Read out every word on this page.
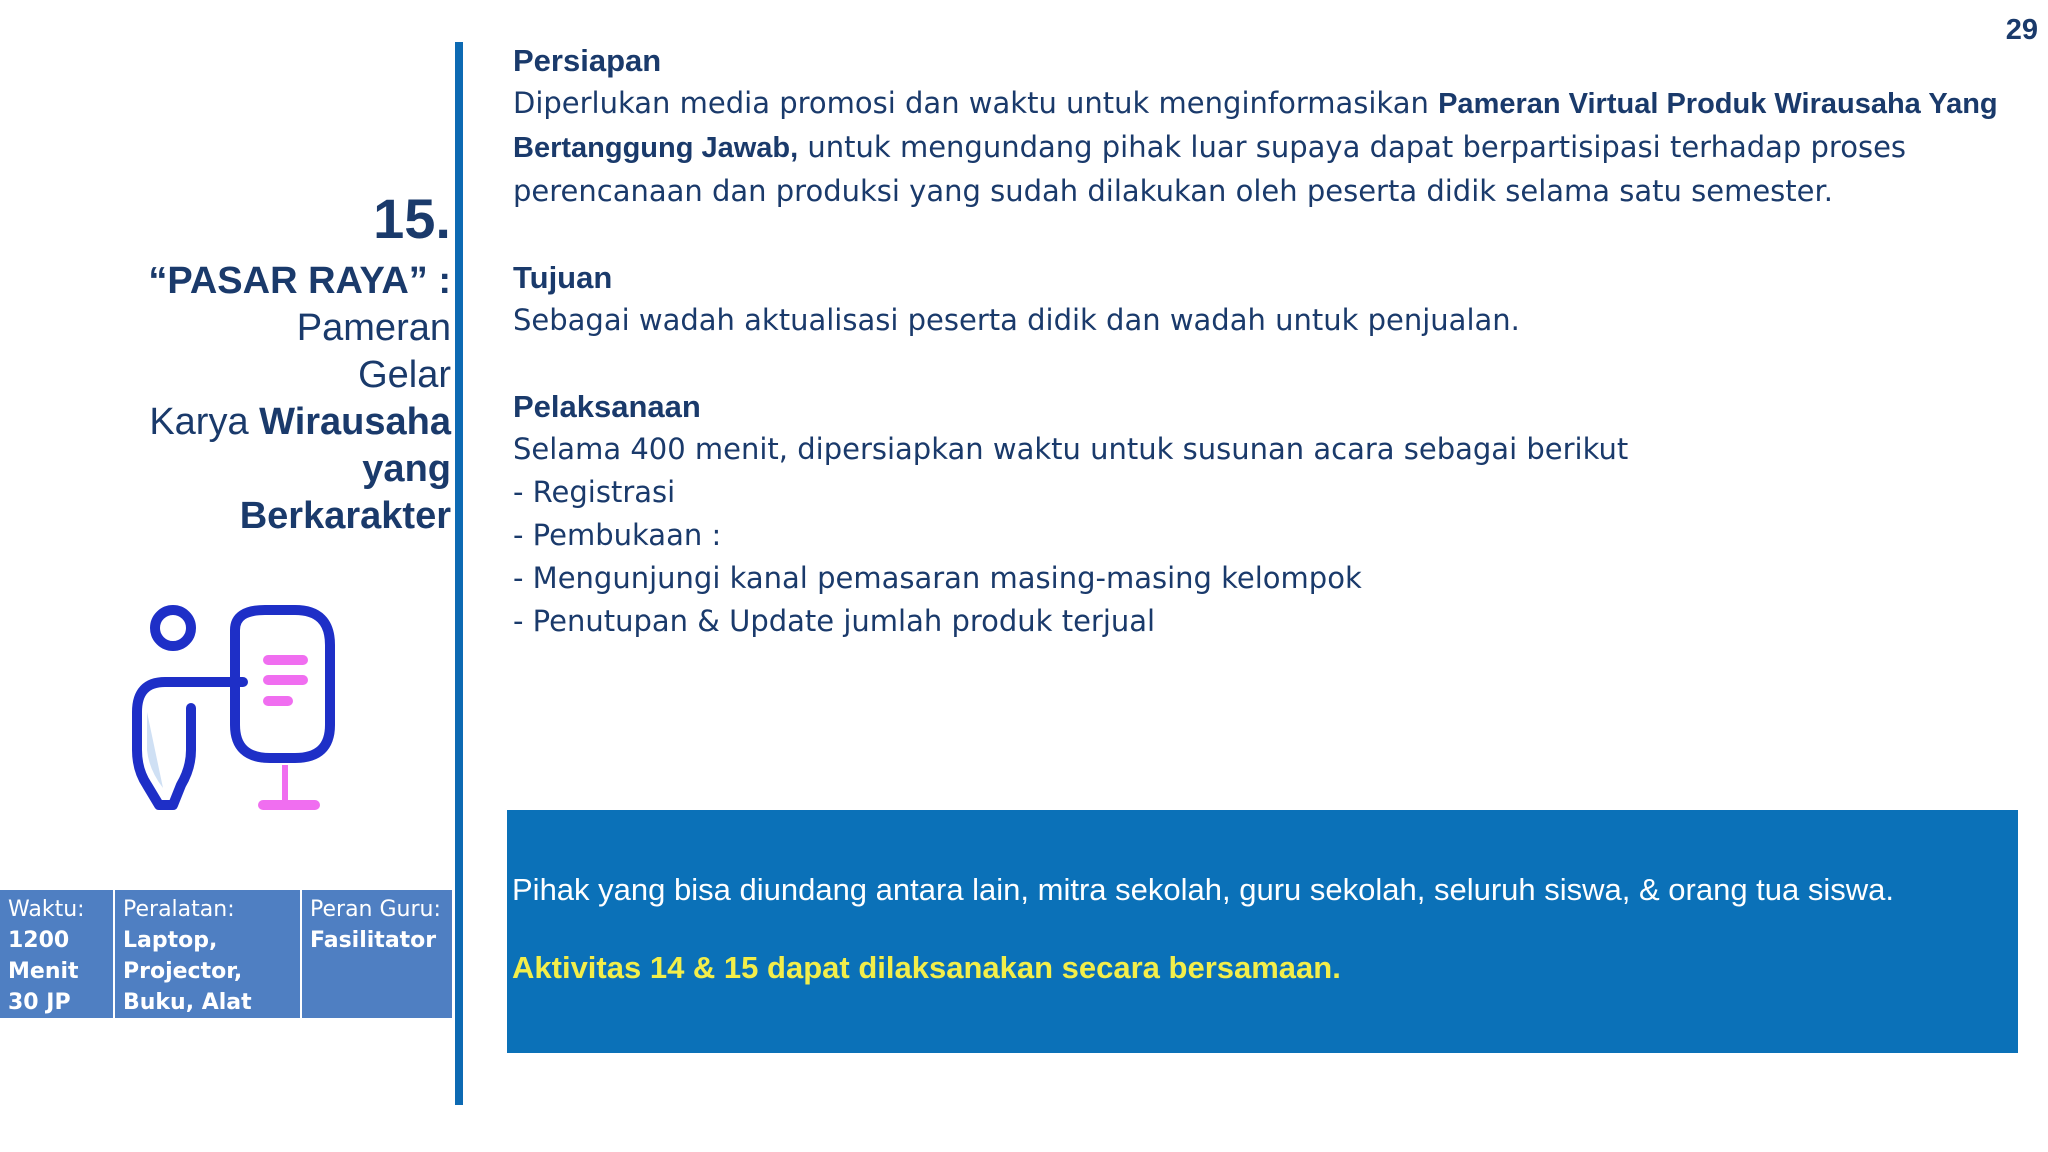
29
15.
“PASAR RAYA” :
Pameran
Gelar
Karya Wirausaha
yang
Berkarakter
Waktu:
1200
Menit
30 JP
Peralatan:
Laptop,
Projector,
Buku, Alat tulis
Peran Guru:
Fasilitator
Persiapan
Diperlukan media promosi dan waktu untuk menginformasikan Pameran Virtual Produk Wirausaha Yang Bertanggung Jawab, untuk mengundang pihak luar supaya dapat berpartisipasi terhadap proses perencanaan dan produksi yang sudah dilakukan oleh peserta didik selama satu semester.
Tujuan
Sebagai wadah aktualisasi peserta didik dan wadah untuk penjualan.
Pelaksanaan
Selama 400 menit, dipersiapkan waktu untuk susunan acara sebagai berikut
- Registrasi
- Pembukaan :
- Mengunjungi kanal pemasaran masing-masing kelompok
- Penutupan & Update jumlah produk terjual
Pihak yang bisa diundang antara lain, mitra sekolah, guru sekolah, seluruh siswa, & orang tua siswa.
Aktivitas 14 & 15 dapat dilaksanakan secara bersamaan.
